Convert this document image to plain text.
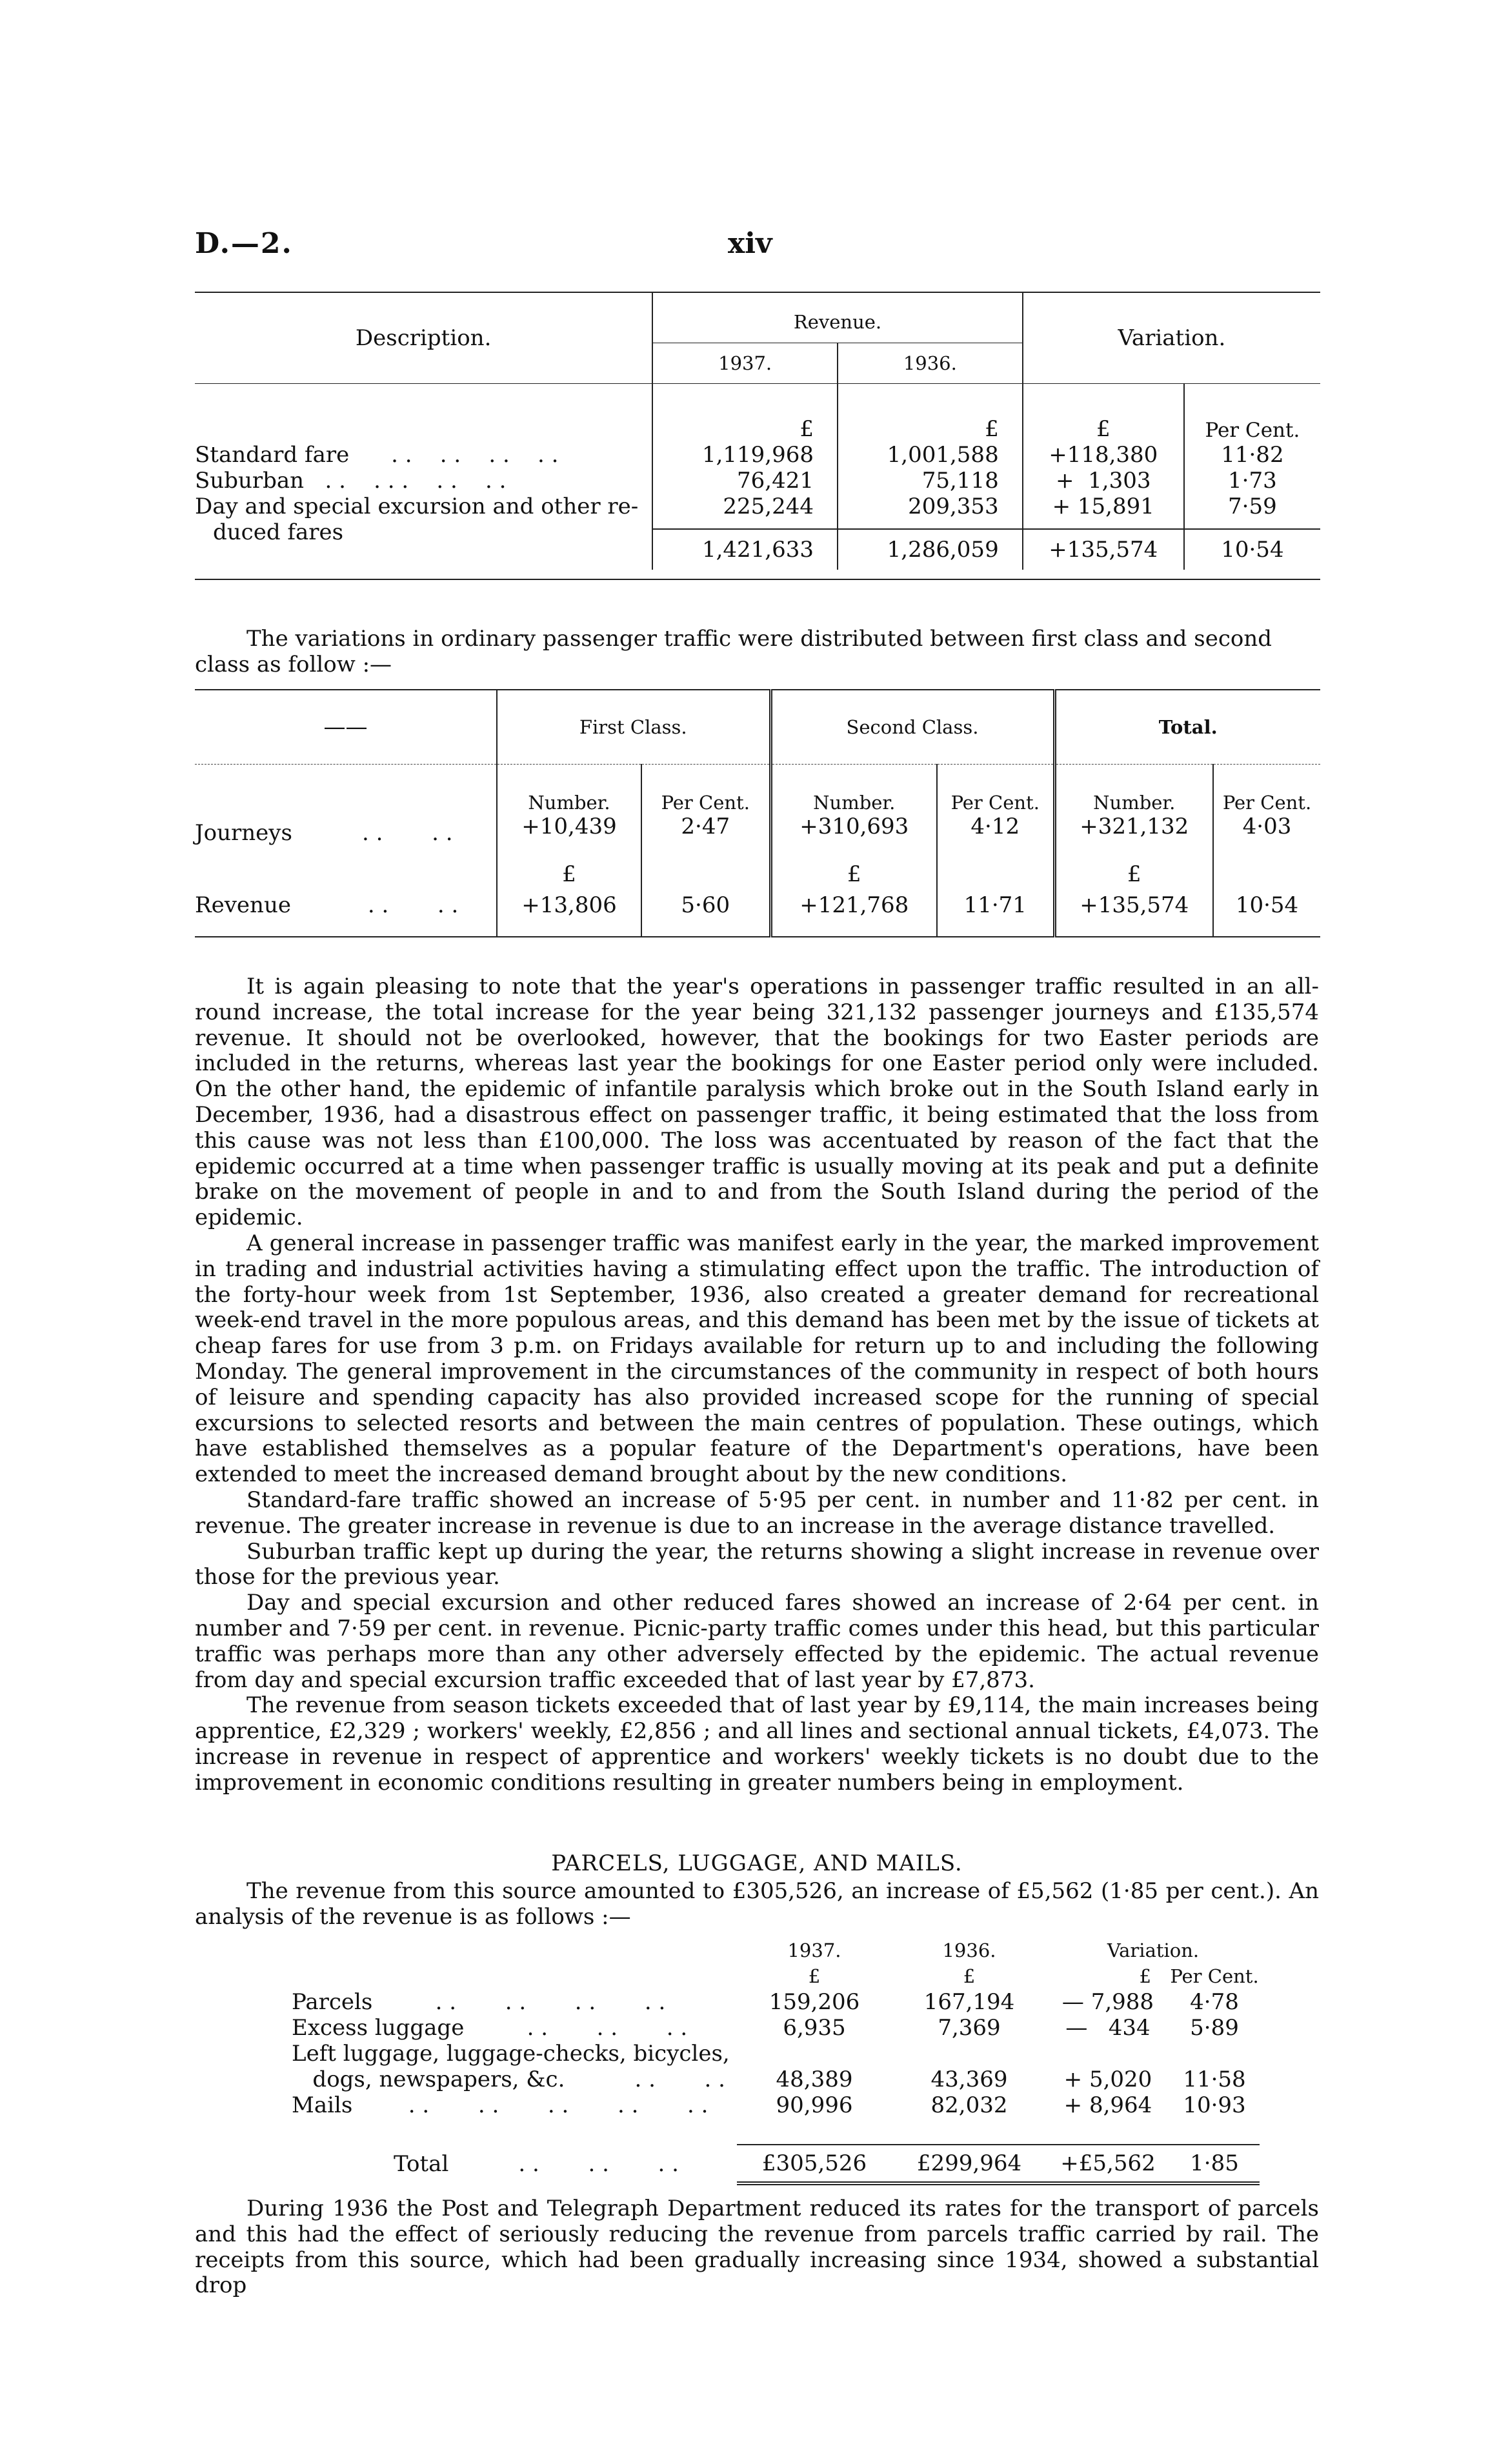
D.—2.	xiv
Description.	Revenue.		Variation.	
	1937.	1936.		
	£	£	£	Per Cent.
Standard fare . .    . .    . .    . .	1,119,968	1,001,588	+118,380	11·82
Suburban . .    . . .    . .    . .	76,421	75,118	+  1,303	1·73
Day and special excursion and other re-	225,244	209,353	+ 15,891	7·59
duced fares				
	1,421,633	1,286,059	+135,574	10·54

The variations in ordinary passenger traffic were distributed between first class and second class as follow :—
——	First Class.		Second Class.		Total.	
	Number.	Per Cent.	Number.	Per Cent.	Number.	Per Cent.
Journeys . .       . .	+10,439	2·47	+310,693	4·12	+321,132	4·03
	£		£		£	
Revenue . .       . .	+13,806	5·60	+121,768	11·71	+135,574	10·54

It is again pleasing to note that the year's operations in passenger traffic resulted in an all-round increase, the total increase for the year being 321,132 passenger journeys and £135,574 revenue. It should not be overlooked, however, that the bookings for two Easter periods are included in the returns, whereas last year the bookings for one Easter period only were included. On the other hand, the epidemic of infantile paralysis which broke out in the South Island early in December, 1936, had a disastrous effect on passenger traffic, it being estimated that the loss from this cause was not less than £100,000. The loss was accentuated by reason of the fact that the epidemic occurred at a time when passenger traffic is usually moving at its peak and put a definite brake on the movement of people in and to and from the South Island during the period of the epidemic.

A general increase in passenger traffic was manifest early in the year, the marked improvement in trading and industrial activities having a stimulating effect upon the traffic. The introduction of the forty-hour week from 1st September, 1936, also created a greater demand for recreational week-end travel in the more populous areas, and this demand has been met by the issue of tickets at cheap fares for use from 3 p.m. on Fridays available for return up to and including the following Monday. The general improvement in the circumstances of the community in respect of both hours of leisure and spending capacity has also provided increased scope for the running of special excursions to selected resorts and between the main centres of population. These outings, which have established themselves as a popular feature of the Department's operations, have been extended to meet the increased demand brought about by the new conditions.

Standard-fare traffic showed an increase of 5·95 per cent. in number and 11·82 per cent. in revenue. The greater increase in revenue is due to an increase in the average distance travelled.

Suburban traffic kept up during the year, the returns showing a slight increase in revenue over those for the previous year.

Day and special excursion and other reduced fares showed an increase of 2·64 per cent. in number and 7·59 per cent. in revenue. Picnic-party traffic comes under this head, but this particular traffic was perhaps more than any other adversely effected by the epidemic. The actual revenue from day and special excursion traffic exceeded that of last year by £7,873.

The revenue from season tickets exceeded that of last year by £9,114, the main increases being apprentice, £2,329 ; workers' weekly, £2,856 ; and all lines and sectional annual tickets, £4,073. The increase in revenue in respect of apprentice and workers' weekly tickets is no doubt due to the improvement in economic conditions resulting in greater numbers being in employment.

PARCELS, LUGGAGE, AND MAILS.

The revenue from this source amounted to £305,526, an increase of £5,562 (1·85 per cent.). An analysis of the revenue is as follows :—

	1937.	1936.	Variation.	
	£	£	£	Per Cent.
Parcels . .       . .       . .       . .	159,206	167,194	— 7,988	4·78
Excess luggage . .       . .       . .	6,935	7,369	—   434	5·89
Left luggage, luggage-checks, bicycles,				
dogs, newspapers, &c. . .       . .	48,389	43,369	+ 5,020	11·58
Mails . .       . .       . .       . .       . .	90,996	82,032	+ 8,964	10·93

Total . .       . .       . .	£305,526	£299,964	+£5,562	1·85

During 1936 the Post and Telegraph Department reduced its rates for the transport of parcels and this had the effect of seriously reducing the revenue from parcels traffic carried by rail. The receipts from this source, which had been gradually increasing since 1934, showed a substantial drop
